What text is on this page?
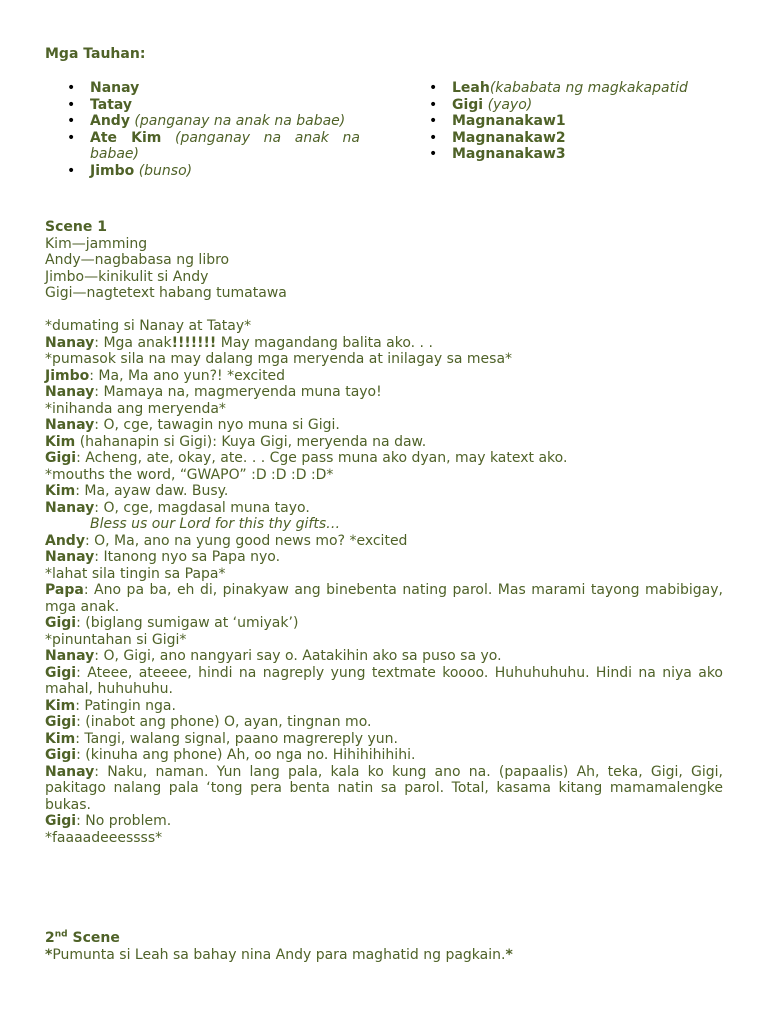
Mga Tauhan:
• Nanay
• Tatay
• Andy (panganay na anak na babae)
• Ate Kim (panganay na anak na babae)
• Jimbo (bunso)
• Leah(kababata ng magkakapatid
• Gigi (yayo)
• Magnanakaw1
• Magnanakaw2
• Magnanakaw3
Scene 1
Kim—jamming
Andy—nagbabasa ng libro
Jimbo—kinikulit si Andy
Gigi—nagtetext habang tumatawa
*dumating si Nanay at Tatay*
Nanay: Mga anak!!!!!!! May magandang balita ako. . .
*pumasok sila na may dalang mga meryenda at inilagay sa mesa*
Jimbo: Ma, Ma ano yun?! *excited
Nanay: Mamaya na, magmeryenda muna tayo!
*inihanda ang meryenda*
Nanay: O, cge, tawagin nyo muna si Gigi.
Kim (hahanapin si Gigi): Kuya Gigi, meryenda na daw.
Gigi: Acheng, ate, okay, ate. . . Cge pass muna ako dyan, may katext ako.
*mouths the word, “GWAPO” :D :D :D :D*
Kim: Ma, ayaw daw. Busy.
Nanay: O, cge, magdasal muna tayo.
Bless us our Lord for this thy gifts…
Andy: O, Ma, ano na yung good news mo? *excited
Nanay: Itanong nyo sa Papa nyo.
*lahat sila tingin sa Papa*
Papa: Ano pa ba, eh di, pinakyaw ang binebenta nating parol. Mas marami tayong mabibigay, mga anak.
Gigi: (biglang sumigaw at ‘umiyak’)
*pinuntahan si Gigi*
Nanay: O, Gigi, ano nangyari say o. Aatakihin ako sa puso sa yo.
Gigi: Ateee, ateeee, hindi na nagreply yung textmate koooo. Huhuhuhuhu. Hindi na niya ako mahal, huhuhuhu.
Kim: Patingin nga.
Gigi: (inabot ang phone) O, ayan, tingnan mo.
Kim: Tangi, walang signal, paano magrereply yun.
Gigi: (kinuha ang phone) Ah, oo nga no. Hihihihihihi.
Nanay: Naku, naman. Yun lang pala, kala ko kung ano na. (papaalis) Ah, teka, Gigi, Gigi, pakitago nalang pala ‘tong pera benta natin sa parol. Total, kasama kitang mamamalengke bukas.
Gigi: No problem.
*faaaadeeessss*
2nd Scene
*Pumunta si Leah sa bahay nina Andy para maghatid ng pagkain.*
